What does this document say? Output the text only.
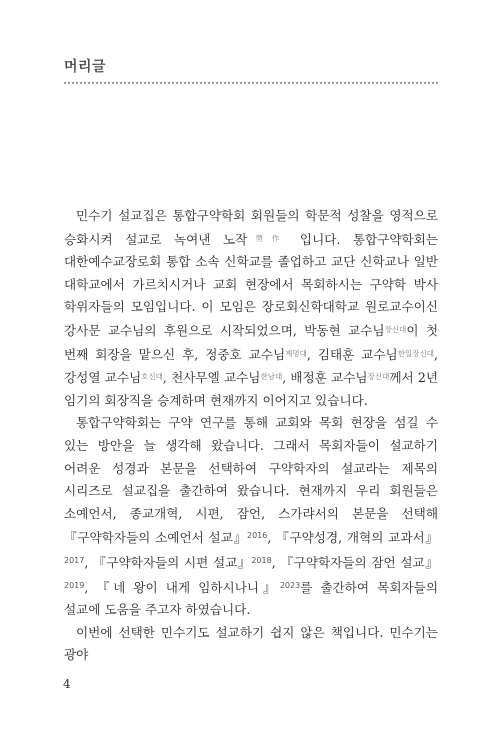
머리글

민수기 설교집은 통합구약학회 회원들의 학문적 성찰을 영적으로 승화시켜 설교로 녹여낸 노작$^{勞作}$ 입니다. 통합구약학회는 대한예수교장로회 통합 소속 신학교를 졸업하고 교단 신학교나 일반 대학교에서 가르치시거나 교회 현장에서 목회하시는 구약학 박사 학위자들의 모임입니다. 이 모임은 장로회신학대학교 원로교수이신 강사문 교수님의 후원으로 시작되었으며, 박동현 교수님$^{장신대}$이 첫 번째 회장을 맡으신 후, 정중호 교수님$^{계명대}$, 김태훈 교수님$^{한일장신대}$, 강성열 교수님$^{호신대}$, 천사무엘 교수님$^{한남대}$, 배정훈 교수님$^{장신대}$께서 2년 임기의 회장직을 승계하며 현재까지 이어지고 있습니다.

통합구약학회는 구약 연구를 통해 교회와 목회 현장을 섬길 수 있는 방안을 늘 생각해 왔습니다. 그래서 목회자들이 설교하기 어려운 성경과 본문을 선택하여 구약학자의 설교라는 제목의 시리즈로 설교집을 출간하여 왔습니다. 현재까지 우리 회원들은 소예언서, 종교개혁, 시편, 잠언, 스가랴서의 본문을 선택해 『구약학자들의 소예언서 설교』$^{2016}$, 『구약성경, 개혁의 교과서』$^{2017}$, 『구약학자들의 시편 설교』$^{2018}$, 『구약학자들의 잠언 설교』$^{2019}$, 『네 왕이 내게 임하시나니』$^{2023}$를 출간하여 목회자들의 설교에 도움을 주고자 하였습니다.

이번에 선택한 민수기도 설교하기 쉽지 않은 책입니다. 민수기는 광야

4
